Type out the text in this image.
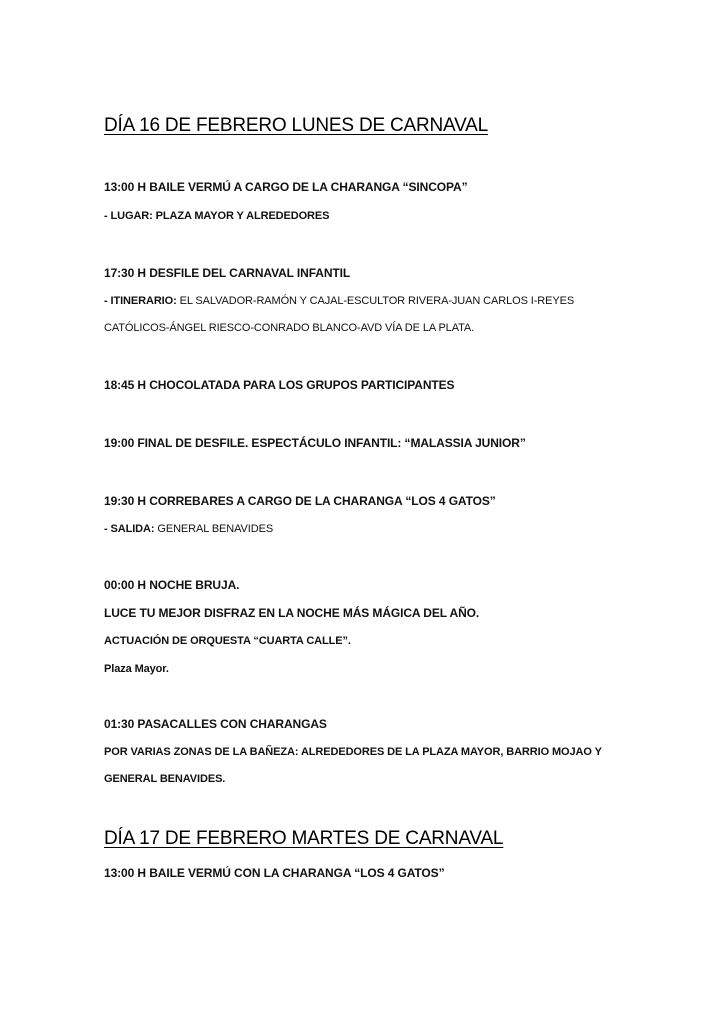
DÍA 16 DE FEBRERO LUNES DE CARNAVAL
13:00 H BAILE VERMÚ A CARGO DE LA CHARANGA “SINCOPA”
- LUGAR: PLAZA MAYOR Y ALREDEDORES
17:30 H DESFILE DEL CARNAVAL INFANTIL
- ITINERARIO: EL SALVADOR-RAMÓN Y CAJAL-ESCULTOR RIVERA-JUAN CARLOS I-REYES
CATÓLICOS-ÁNGEL RIESCO-CONRADO BLANCO-AVD VÍA DE LA PLATA.
18:45 H CHOCOLATADA PARA LOS GRUPOS PARTICIPANTES
19:00 FINAL DE DESFILE. ESPECTÁCULO INFANTIL: “MALASSIA JUNIOR”
19:30 H CORREBARES A CARGO DE LA CHARANGA “LOS 4 GATOS”
- SALIDA: GENERAL BENAVIDES
00:00 H NOCHE BRUJA.
LUCE TU MEJOR DISFRAZ EN LA NOCHE MÁS MÁGICA DEL AÑO.
ACTUACIÓN DE ORQUESTA “CUARTA CALLE”.
Plaza Mayor.
01:30 PASACALLES CON CHARANGAS
POR VARIAS ZONAS DE LA BAÑEZA: ALREDEDORES DE LA PLAZA MAYOR, BARRIO MOJAO Y
GENERAL BENAVIDES.
DÍA 17 DE FEBRERO MARTES DE CARNAVAL
13:00 H BAILE VERMÚ CON LA CHARANGA “LOS 4 GATOS”
